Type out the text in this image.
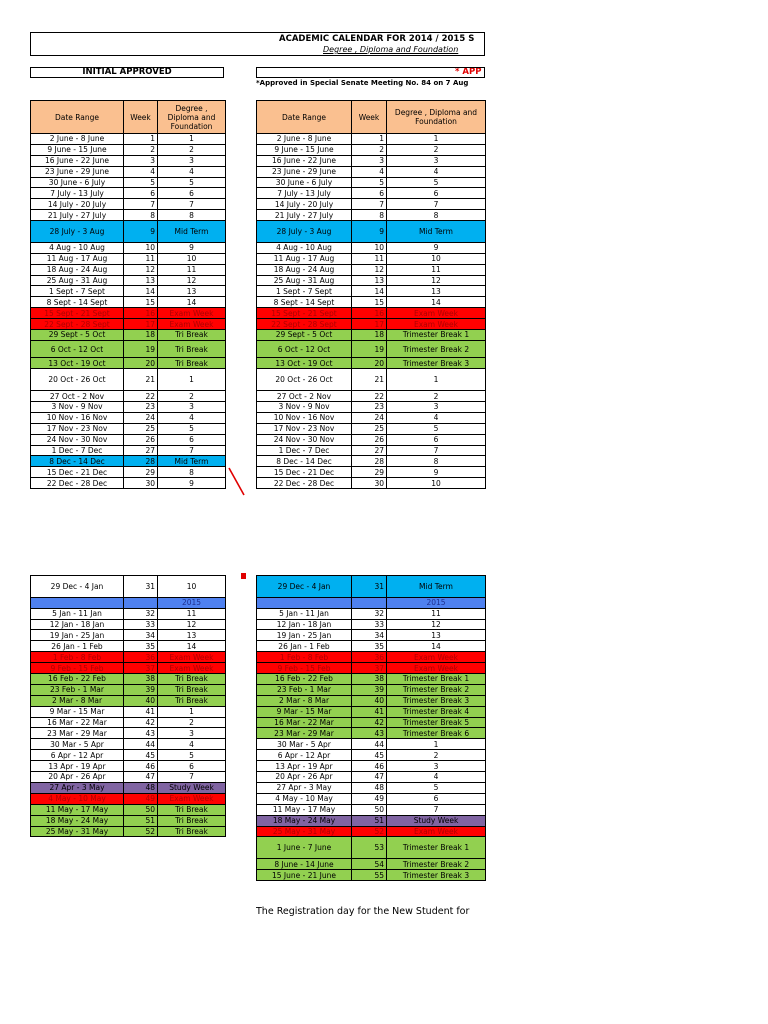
ACADEMIC CALENDAR FOR 2014 / 2015 S
Degree , Diploma and Foundation
INITIAL APPROVED	* APP
*Approved in Special Senate Meeting No. 84 on 7 Aug
Date Range	Week	Degree , Diploma and Foundation
2 June - 8 June	1	1
9 June - 15 June	2	2
16 June - 22 June	3	3
23 June - 29 June	4	4
30 June - 6 July	5	5
7 July - 13 July	6	6
14 July - 20 July	7	7
21 July - 27 July	8	8
28 July - 3 Aug	9	Mid Term
4 Aug - 10 Aug	10	9
11 Aug - 17 Aug	11	10
18 Aug - 24 Aug	12	11
25 Aug - 31 Aug	13	12
1 Sept - 7 Sept	14	13
8 Sept - 14 Sept	15	14
15 Sept - 21 Sept	16	Exam Week
22 Sept - 28 Sept	17	Exam Week
29 Sept - 5 Oct	18	Tri Break
6 Oct - 12 Oct	19	Tri Break
13 Oct - 19 Oct	20	Tri Break
20 Oct - 26 Oct	21	1
27 Oct - 2 Nov	22	2
3 Nov - 9 Nov	23	3
10 Nov - 16 Nov	24	4
17 Nov - 23 Nov	25	5
24 Nov - 30 Nov	26	6
1 Dec - 7 Dec	27	7
8 Dec - 14 Dec	28	Mid Term
15 Dec - 21 Dec	29	8
22 Dec - 28 Dec	30	9
Date Range	Week	Degree , Diploma and Foundation
2 June - 8 June	1	1
9 June - 15 June	2	2
16 June - 22 June	3	3
23 June - 29 June	4	4
30 June - 6 July	5	5
7 July - 13 July	6	6
14 July - 20 July	7	7
21 July - 27 July	8	8
28 July - 3 Aug	9	Mid Term
4 Aug - 10 Aug	10	9
11 Aug - 17 Aug	11	10
18 Aug - 24 Aug	12	11
25 Aug - 31 Aug	13	12
1 Sept - 7 Sept	14	13
8 Sept - 14 Sept	15	14
15 Sept - 21 Sept	16	Exam Week
22 Sept - 28 Sept	17	Exam Week
29 Sept - 5 Oct	18	Trimester Break 1
6 Oct - 12 Oct	19	Trimester Break 2
13 Oct - 19 Oct	20	Trimester Break 3
20 Oct - 26 Oct	21	1
27 Oct - 2 Nov	22	2
3 Nov - 9 Nov	23	3
10 Nov - 16 Nov	24	4
17 Nov - 23 Nov	25	5
24 Nov - 30 Nov	26	6
1 Dec - 7 Dec	27	7
8 Dec - 14 Dec	28	8
15 Dec - 21 Dec	29	9
22 Dec - 28 Dec	30	10
29 Dec - 4 Jan	31	10
		2015
5 Jan - 11 Jan	32	11
12 Jan - 18 Jan	33	12
19 Jan - 25 Jan	34	13
26 Jan - 1 Feb	35	14
1 Feb - 8 Feb	36	Exam Week
9 Feb - 15 Feb	37	Exam Week
16 Feb - 22 Feb	38	Tri Break
23 Feb - 1 Mar	39	Tri Break
2 Mar - 8 Mar	40	Tri Break
9 Mar - 15 Mar	41	1
16 Mar - 22 Mar	42	2
23 Mar - 29 Mar	43	3
30 Mar - 5 Apr	44	4
6 Apr - 12 Apr	45	5
13 Apr - 19 Apr	46	6
20 Apr - 26 Apr	47	7
27 Apr - 3 May	48	Study Week
4 May - 10 May	49	Exam Week
11 May - 17 May	50	Tri Break
18 May - 24 May	51	Tri Break
25 May - 31 May	52	Tri Break
29 Dec - 4 Jan	31	Mid Term
		2015
5 Jan - 11 Jan	32	11
12 Jan - 18 Jan	33	12
19 Jan - 25 Jan	34	13
26 Jan - 1 Feb	35	14
1 Feb - 8 Feb	36	Exam Week
9 Feb - 15 Feb	37	Exam Week
16 Feb - 22 Feb	38	Trimester Break 1
23 Feb - 1 Mar	39	Trimester Break 2
2 Mar - 8 Mar	40	Trimester Break 3
9 Mar - 15 Mar	41	Trimester Break 4
16 Mar - 22 Mar	42	Trimester Break 5
23 Mar - 29 Mar	43	Trimester Break 6
30 Mar - 5 Apr	44	1
6 Apr - 12 Apr	45	2
13 Apr - 19 Apr	46	3
20 Apr - 26 Apr	47	4
27 Apr - 3 May	48	5
4 May - 10 May	49	6
11 May - 17 May	50	7
18 May - 24 May	51	Study Week
25 May - 31 May	52	Exam Week
1 June - 7 June	53	Trimester Break 1
8 June - 14 June	54	Trimester Break 2
15 June - 21 June	55	Trimester Break 3
The Registration day for the New Student for
